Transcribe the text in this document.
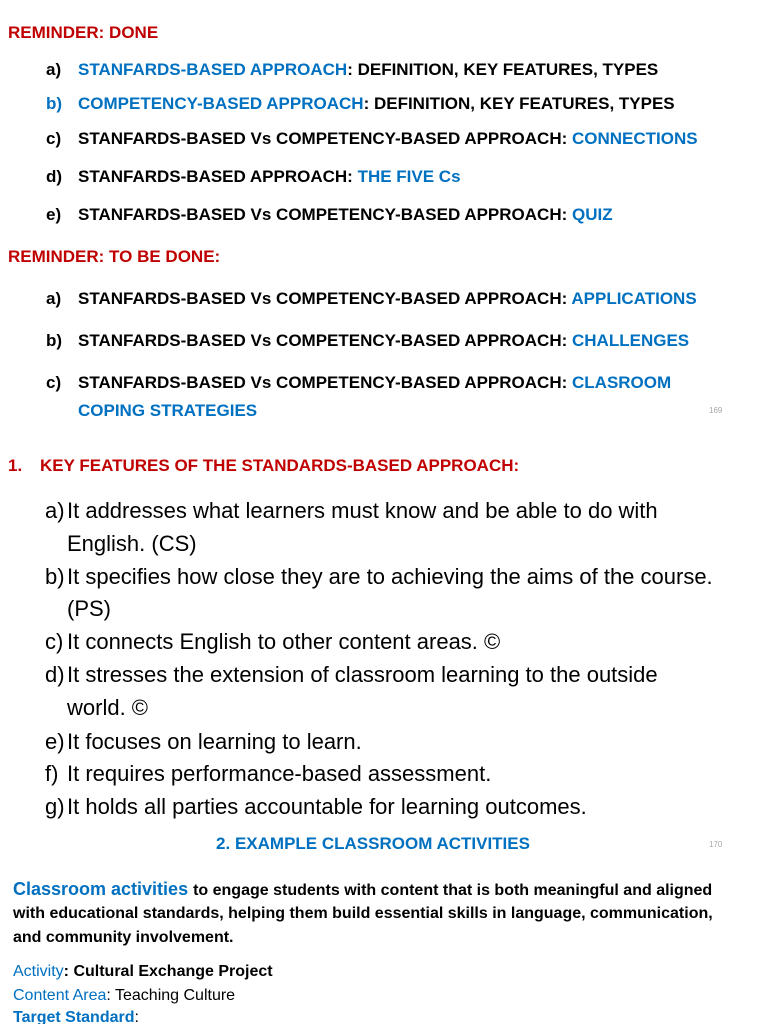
REMINDER: DONE
a) STANFARDS-BASED APPROACH: DEFINITION, KEY FEATURES, TYPES
b) COMPETENCY-BASED APPROACH: DEFINITION, KEY FEATURES, TYPES
c) STANFARDS-BASED Vs COMPETENCY-BASED APPROACH: CONNECTIONS
d) STANFARDS-BASED APPROACH: THE FIVE Cs
e) STANFARDS-BASED Vs COMPETENCY-BASED APPROACH: QUIZ
REMINDER: TO BE DONE:
a) STANFARDS-BASED Vs COMPETENCY-BASED APPROACH: APPLICATIONS
b) STANFARDS-BASED Vs COMPETENCY-BASED APPROACH: CHALLENGES
c) STANFARDS-BASED Vs COMPETENCY-BASED APPROACH: CLASROOM
COPING STRATEGIES	169
1.	KEY FEATURES OF THE STANDARDS-BASED APPROACH:
a) It addresses what learners must know and be able to do with
English. (CS)
b) It specifies how close they are to achieving the aims of the course.
(PS)
c) It connects English to other content areas. ©
d) It stresses the extension of classroom learning to the outside
world. ©
e) It focuses on learning to learn.
f) It requires performance-based assessment.
g) It holds all parties accountable for learning outcomes.
2. EXAMPLE CLASSROOM ACTIVITIES	170
Classroom activities to engage students with content that is both meaningful and aligned
with educational standards, helping them build essential skills in language, communication,
and community involvement.
Activity : Cultural Exchange Project
Content Area : Teaching Culture
Target Standard :
